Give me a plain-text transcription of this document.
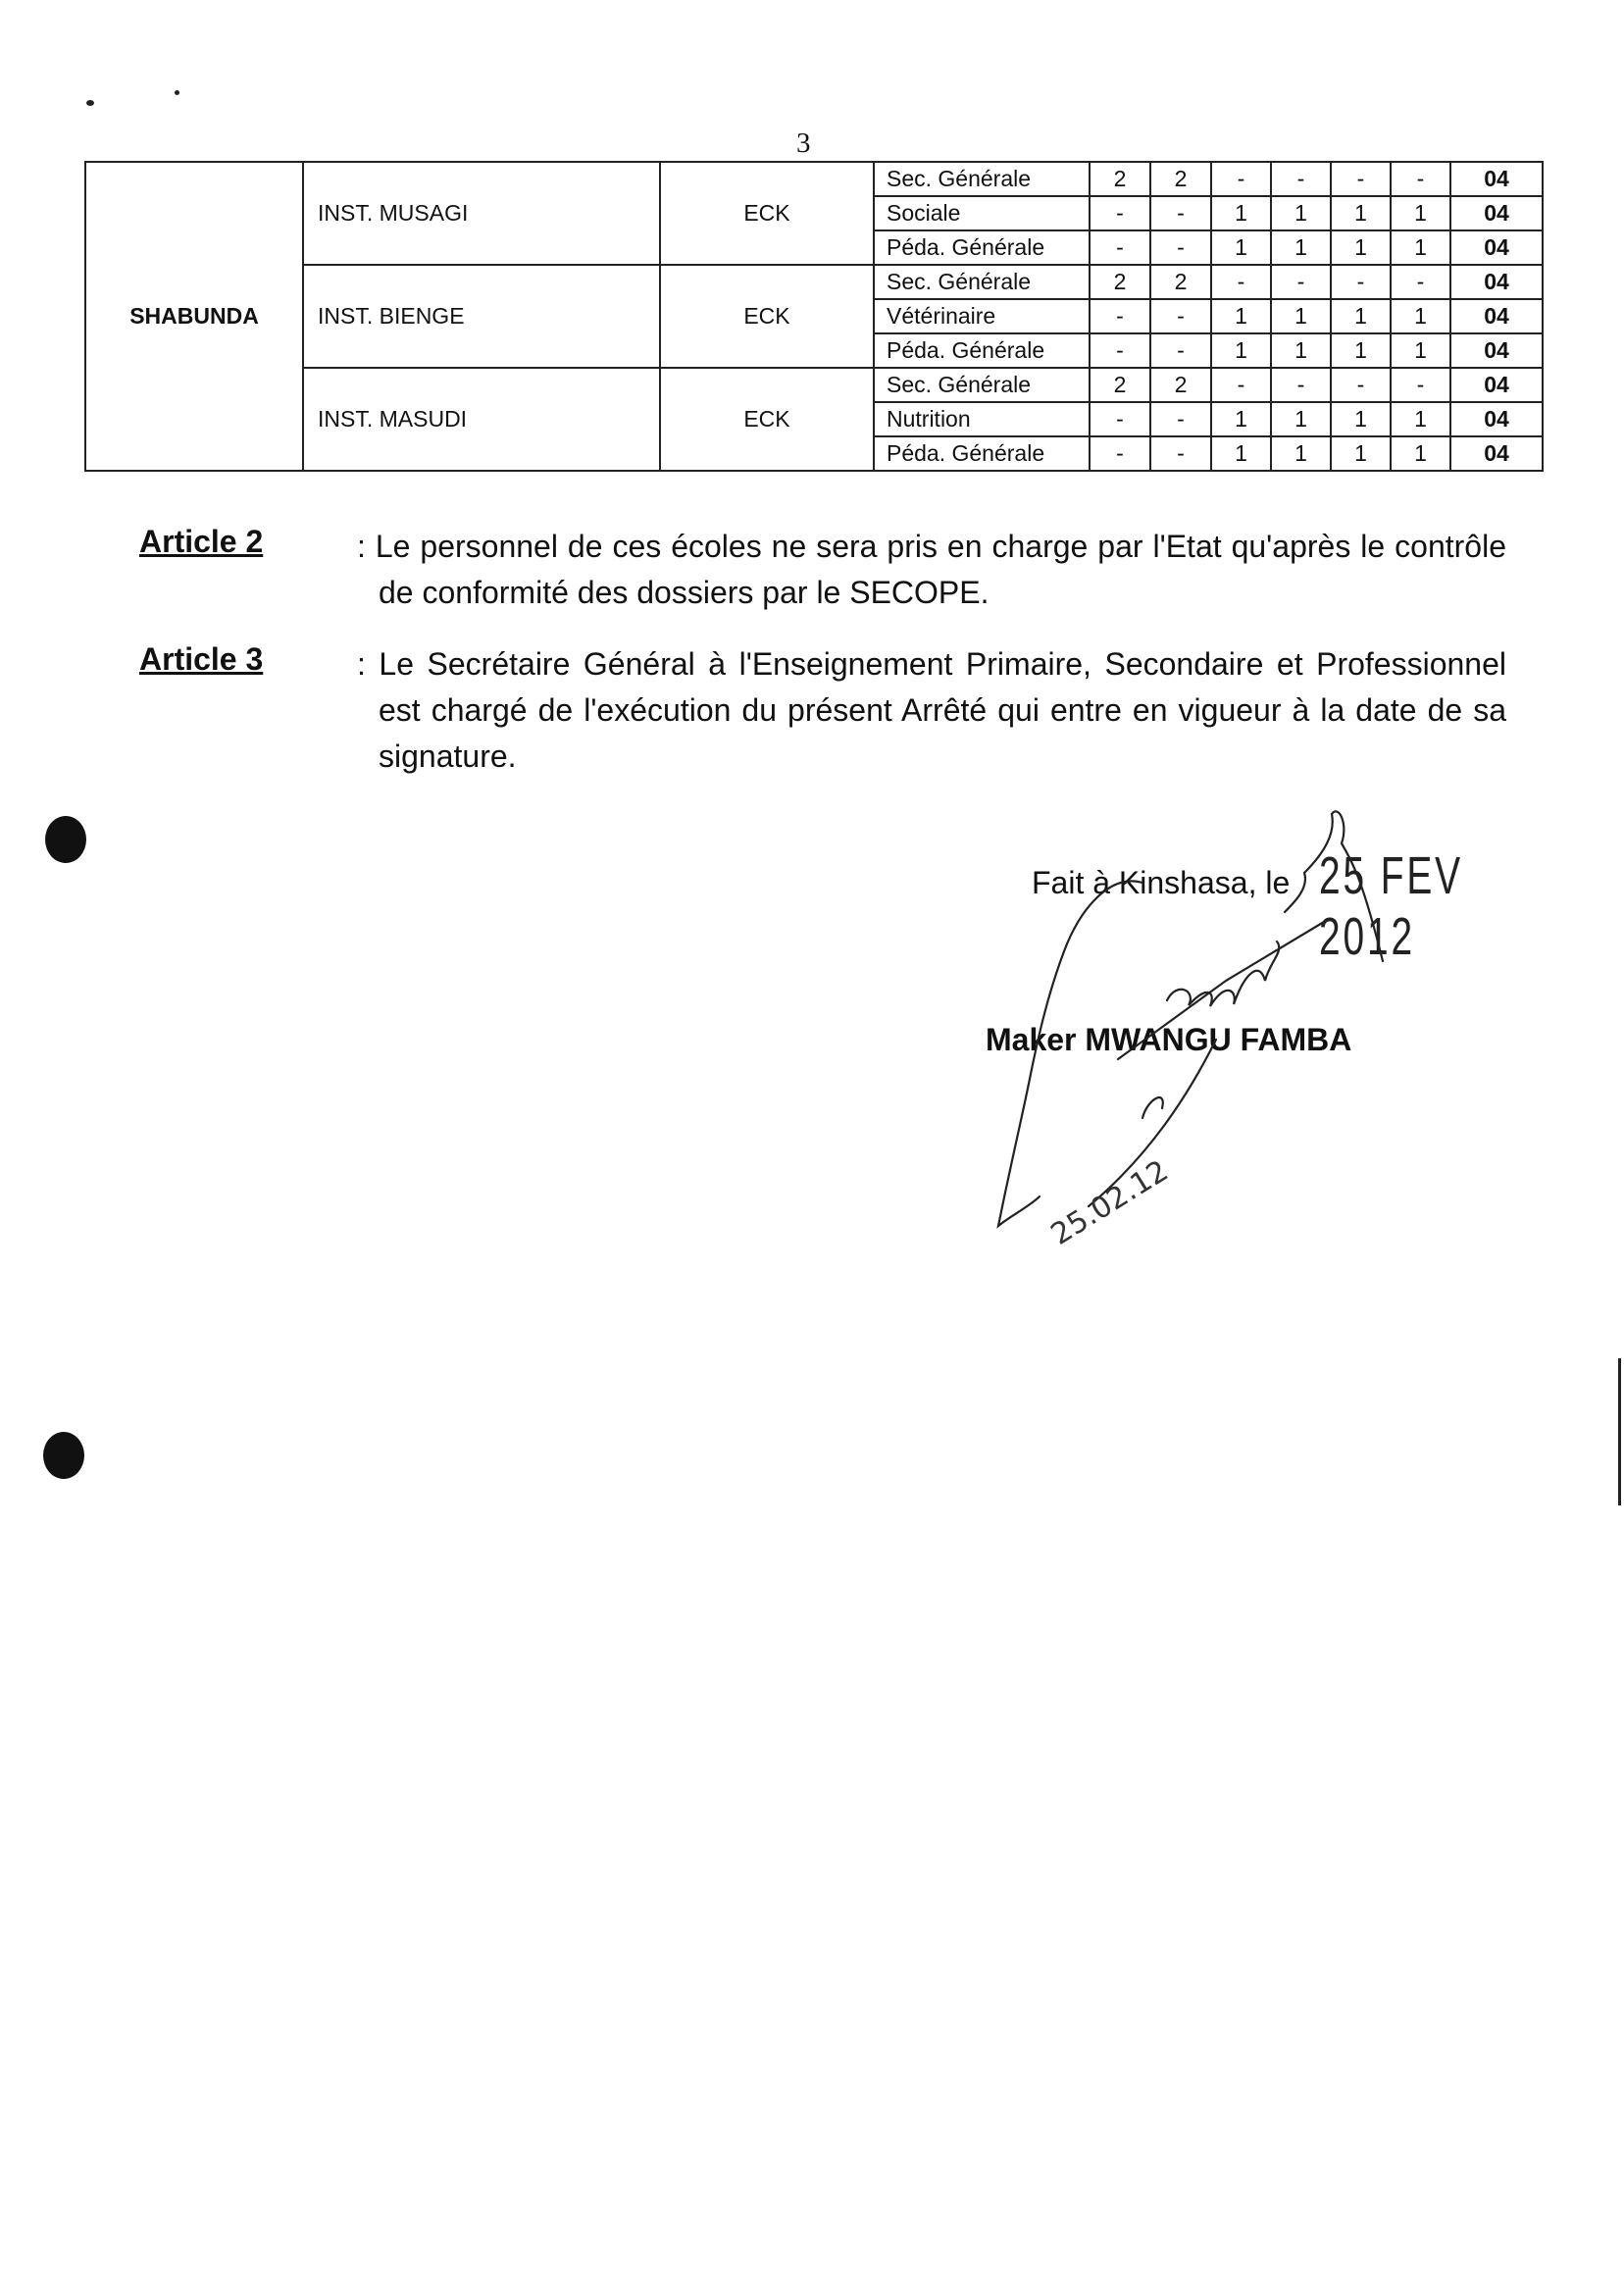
3
SHABUNDA	INST. MUSAGI	ECK	Sec. Générale	2	2	-	-	-	-	04
			Sociale	-	-	1	1	1	1	04
			Péda. Générale	-	-	1	1	1	1	04
	INST. BIENGE	ECK	Sec. Générale	2	2	-	-	-	-	04
			Vétérinaire	-	-	1	1	1	1	04
			Péda. Générale	-	-	1	1	1	1	04
	INST. MASUDI	ECK	Sec. Générale	2	2	-	-	-	-	04
			Nutrition	-	-	1	1	1	1	04
			Péda. Générale	-	-	1	1	1	1	04
Article 2	: Le personnel de ces écoles ne sera pris en charge par l'Etat qu'après le contrôle de conformité des dossiers par le SECOPE.
Article 3	: Le Secrétaire Général à l'Enseignement Primaire, Secondaire et Professionnel est chargé de l'exécution du présent Arrêté qui entre en vigueur à la date de sa signature.
Fait à Kinshasa, le 25 FEV 2012
Maker MWANGU FAMBA
25.02.12
